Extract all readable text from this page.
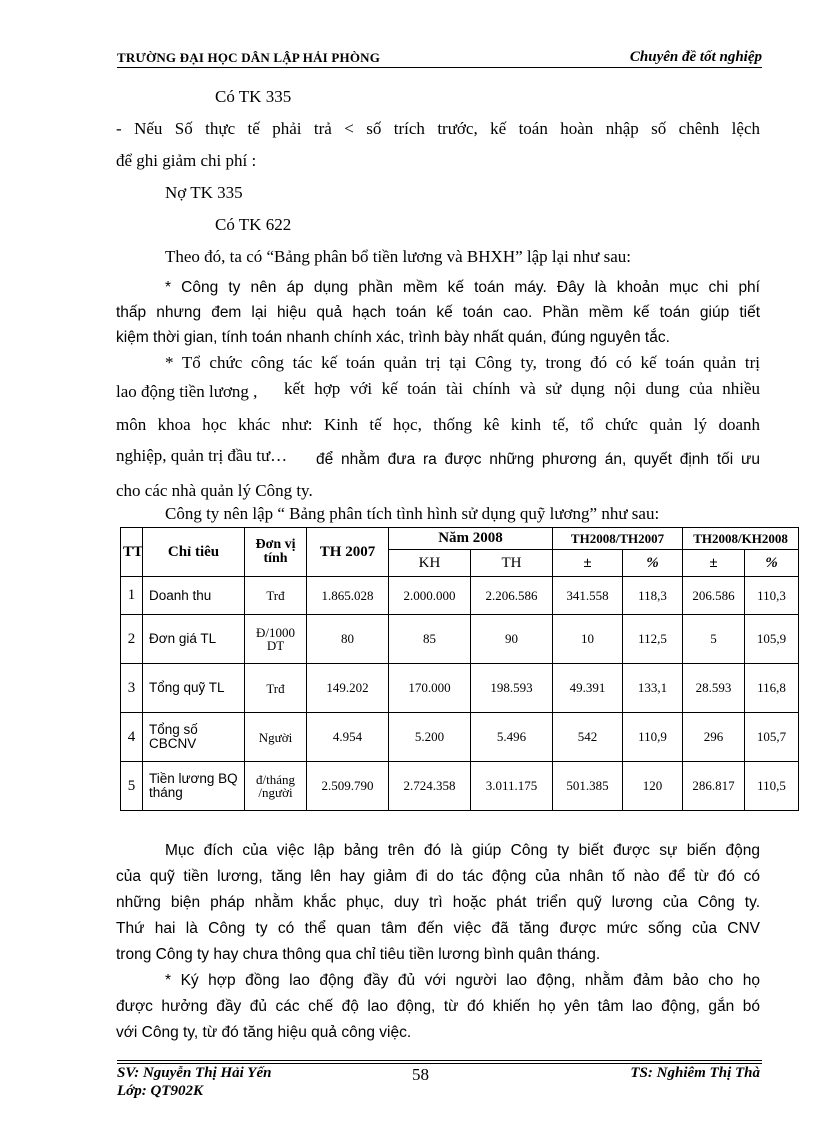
TRƯỜNG ĐẠI HỌC DÂN LẬP HẢI PHÒNG	Chuyên đề tốt nghiệp
Có TK 335
- Nếu Số thực tế phải trả < số trích trước, kế toán hoàn nhập số chênh lệch
để ghi giảm chi phí :
Nợ TK 335
Có TK 622
Theo đó, ta có “Bảng phân bổ tiền lương và BHXH” lập lại như sau:
* Công ty nên áp dụng phần mềm kế toán máy. Đây là khoản mục chi phí
thấp nhưng đem lại hiệu quả hạch toán kế toán cao. Phần mềm kế toán giúp tiết
kiệm thời gian, tính toán nhanh chính xác, trình bày nhất quán, đúng nguyên tắc.
* Tổ chức công tác kế toán quản trị tại Công ty, trong đó có kế toán quản trị
lao động tiền lương , kết hợp với kế toán tài chính và sử dụng nội dung của nhiều
môn khoa học khác như: Kinh tế học, thống kê kinh tế, tổ chức quản lý doanh
nghiệp, quản trị đầu tư… để nhằm đưa ra được những phương án, quyết định tối ưu
cho các nhà quản lý Công ty.
Công ty nên lập “ Bảng phân tích tình hình sử dụng quỹ lương” như sau:
TT	Chỉ tiêu	Đơn vị tính	TH 2007	Năm 2008		TH2008/TH2007		TH2008/KH2008	
				KH	TH	±	%	±	%
1	Doanh thu	Trđ	1.865.028	2.000.000	2.206.586	341.558	118,3	206.586	110,3
2	Đơn giá TL	Đ/1000 DT	80	85	90	10	112,5	5	105,9
3	Tổng quỹ TL	Trđ	149.202	170.000	198.593	49.391	133,1	28.593	116,8
4	Tổng số CBCNV	Người	4.954	5.200	5.496	542	110,9	296	105,7
5	Tiền lương BQ tháng	đ/tháng /người	2.509.790	2.724.358	3.011.175	501.385	120	286.817	110,5
Mục đích của việc lập bảng trên đó là giúp Công ty biết được sự biến động
của quỹ tiền lương, tăng lên hay giảm đi do tác động của nhân tố nào để từ đó có
những biện pháp nhằm khắc phục, duy trì hoặc phát triển quỹ lương của Công ty.
Thứ hai là Công ty có thể quan tâm đến việc đã tăng được mức sống của CNV
trong Công ty hay chưa thông qua chỉ tiêu tiền lương bình quân tháng.
* Ký hợp đồng lao động đầy đủ với người lao động, nhằm đảm bảo cho họ
được hưởng đầy đủ các chế độ lao động, từ đó khiến họ yên tâm lao động, gắn bó
với Công ty, từ đó tăng hiệu quả công việc.
SV: Nguyễn Thị Hải Yến
Lớp: QT902K
58	TS: Nghiêm Thị Thà
